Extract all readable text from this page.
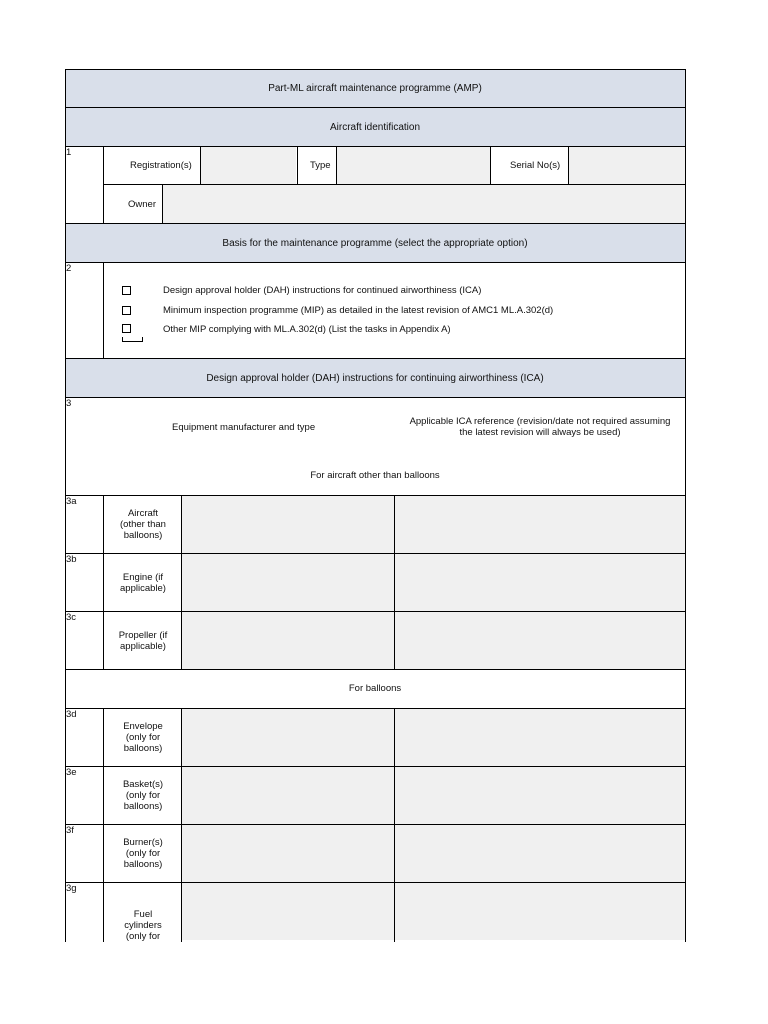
Part-ML aircraft maintenance programme (AMP)
Aircraft identification
1
Registration(s)	Type	Serial No(s)
Owner
Basis for the maintenance programme (select the appropriate option)
2
Design approval holder (DAH) instructions for continued airworthiness (ICA)
Minimum inspection programme (MIP) as detailed in the latest revision of AMC1 ML.A.302(d)
Other MIP complying with ML.A.302(d) (List the tasks in Appendix A)
Design approval holder (DAH) instructions for continuing airworthiness (ICA)
3
Equipment manufacturer and type
Applicable ICA reference (revision/date not required assuming
the latest revision will always be used)
For aircraft other than balloons
For balloons
3a
Aircraft
(other than
balloons)
3b
Engine (if
applicable)
3c
Propeller (if
applicable)
3d
Envelope
(only for
balloons)
3e
Basket(s)
(only for
balloons)
3f
Burner(s)
(only for
balloons)
3g
Fuel
cylinders
(only for
